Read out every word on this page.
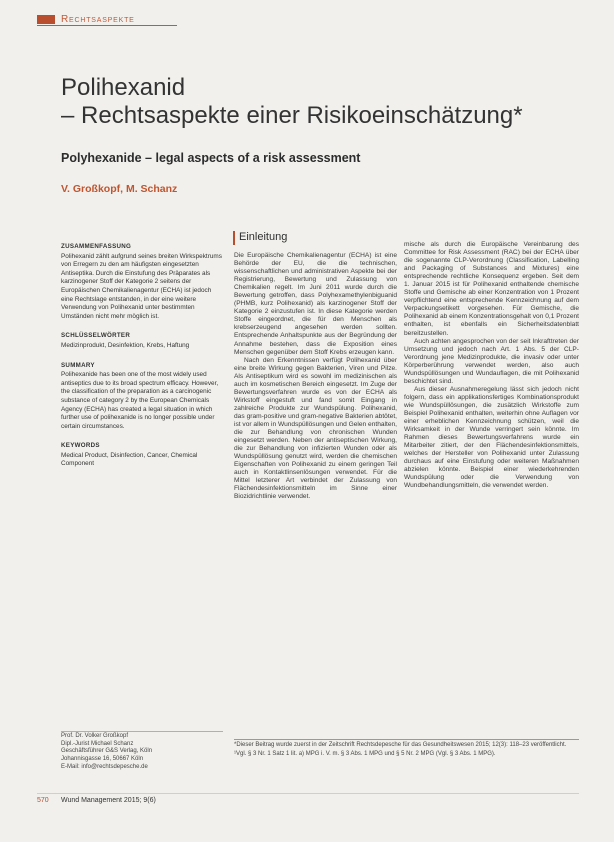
Rechtsaspekte
Polihexanid
– Rechtsaspekte einer Risikoeinschätzung*
Polyhexanide – legal aspects of a risk assessment
V. Großkopf, M. Schanz
ZUSAMMENFASSUNG
Polihexanid zählt aufgrund seines breiten Wirkspektrums von Erregern zu den am häufigsten eingesetzten Antiseptika. Durch die Einstufung des Präparates als karzinogener Stoff der Kategorie 2 seitens der Europäischen Chemikalienagentur (ECHA) ist jedoch eine Rechtslage entstanden, in der eine weitere Verwendung von Polihexanid unter bestimmten Umständen nicht mehr möglich ist.
SCHLÜSSELWÖRTER
Medizinprodukt, Desinfektion, Krebs, Haftung
SUMMARY
Polihexanide has been one of the most widely used antiseptics due to its broad spectrum efficacy. However, the classification of the preparation as a carcinogenic substance of category 2 by the European Chemicals Agency (ECHA) has created a legal situation in which further use of polihexanide is no longer possible under certain circumstances.
KEYWORDS
Medical Product, Disinfection, Cancer, Chemical Component
Einleitung

Die Europäische Chemikalienagentur (ECHA) ist eine Behörde der EU, die die technischen, wissenschaftlichen und administrativen Aspekte bei der Registrierung, Bewertung und Zulassung von Chemikalien regelt. Im Juni 2011 wurde durch die Bewertung getroffen, dass Polyhexamethylenbiguanid (PHMB, kurz Polihexanid) als karzinogener Stoff der Kategorie 2 einzustufen ist. In diese Kategorie werden Stoffe eingeordnet, die für den Menschen als krebserzeugend angesehen werden sollten. Entsprechende Anhaltspunkte aus der Begründung der Annahme bestehen, dass die Exposition eines Menschen gegenüber dem Stoff Krebs erzeugen kann.

Nach den Erkenntnissen verfügt Polihexanid über eine breite Wirkung gegen Bakterien, Viren und Pilze. Als Antiseptikum wird es sowohl im medizinischen als auch im kosmetischen Bereich eingesetzt. Im Zuge der Bewertungsverfahren wurde es von der ECHA als Wirkstoff eingestuft und fand somit Eingang in zahlreiche Produkte zur Wundspülung. Polihexanid, das gram-positive und gram-negative Bakterien abtötet, ist vor allem in Wundspüllösungen und Gelen enthalten, die zur Behandlung von chronischen Wunden eingesetzt werden. Neben der antiseptischen Wirkung, die zur Behandlung von infizierten Wunden oder als Wundspüllösung genutzt wird, werden die chemischen Eigenschaften von Polihexanid zu einem geringen Teil auch in Kontaktlinsenlösungen verwendet. Für die Mittel letzterer Art verbindet der Zulassung von Flächendesinfektionsmitteln im Sinne einer Biozidrichtlinie verwendet.

mische als durch die Europäische Vereinbarung des Committee for Risk Assessment (RAC) bei der ECHA über die sogenannte CLP-Verordnung (Classification, Labelling and Packaging of Substances and Mixtures) eine entsprechende rechtliche Konsequenz ergeben. Seit dem 1. Januar 2015 ist für Polihexanid enthaltende chemische Stoffe und Gemische ab einer Konzentration von 1 Prozent verpflichtend eine entsprechende Kennzeichnung auf dem Verpackungsetikett vorgesehen. Für Gemische, die Polihexanid ab einem Konzentrationsgehalt von 0,1 Prozent enthalten, ist ebenfalls ein Sicherheitsdatenblatt bereitzustellen.

Auch achten angesprochen von der seit Inkrafttreten der Umsetzung und jedoch nach Art. 1 Abs. 5 der CLP-Verordnung jene Medizinprodukte, die invasiv oder unter Körperberührung verwendet werden, also auch Wundspüllösungen und Wundauflagen, die mit Polihexanid beschichtet sind.

Aus dieser Ausnahmeregelung lässt sich jedoch nicht folgern, dass ein applikationsfertiges Kombinationsprodukt wie Wundspüllösungen, die zusätzlich Wirkstoffe zum Beispiel Polihexanid enthalten, weiterhin ohne Auflagen vor einer erheblichen Kennzeichnung schützen, weil die Wirksamkeit in der Wunde verringert sein könnte. Im Rahmen dieses Bewertungsverfahrens wurde ein Mitarbeiter zitiert, der den Flächendesinfektionsmittels, welches der Hersteller von Polihexanid unter Zulassung durchaus auf eine Einstufung oder weiteren Maßnahmen abzielen könnte. Beispiel einer wiederkehrenden Wundspülung oder die Verwendung von Wundbehandlungsmitteln, die verwendet werden.

Prof. Dr. Volker Großkopf
Dipl.-Jurist Michael Schanz
Geschäftsführer G&S Verlag, Köln
Johannisgasse 16, 50667 Köln
E-Mail: info@rechtsdepesche.de

*Dieser Beitrag wurde zuerst in der Zeitschrift Rechtsdepesche für das Gesundheitswesen 2015; 12(3): 118–23 veröffentlicht.

¹Vgl. § 3 Nr. 1 Satz 1 lit. a) MPG i. V. m. § 3 Abs. 1 MPG und § 5 Nr. 2 MPG (Vgl. § 3 Abs. 1 MPG).

570 Wund Management 2015; 9(6)
